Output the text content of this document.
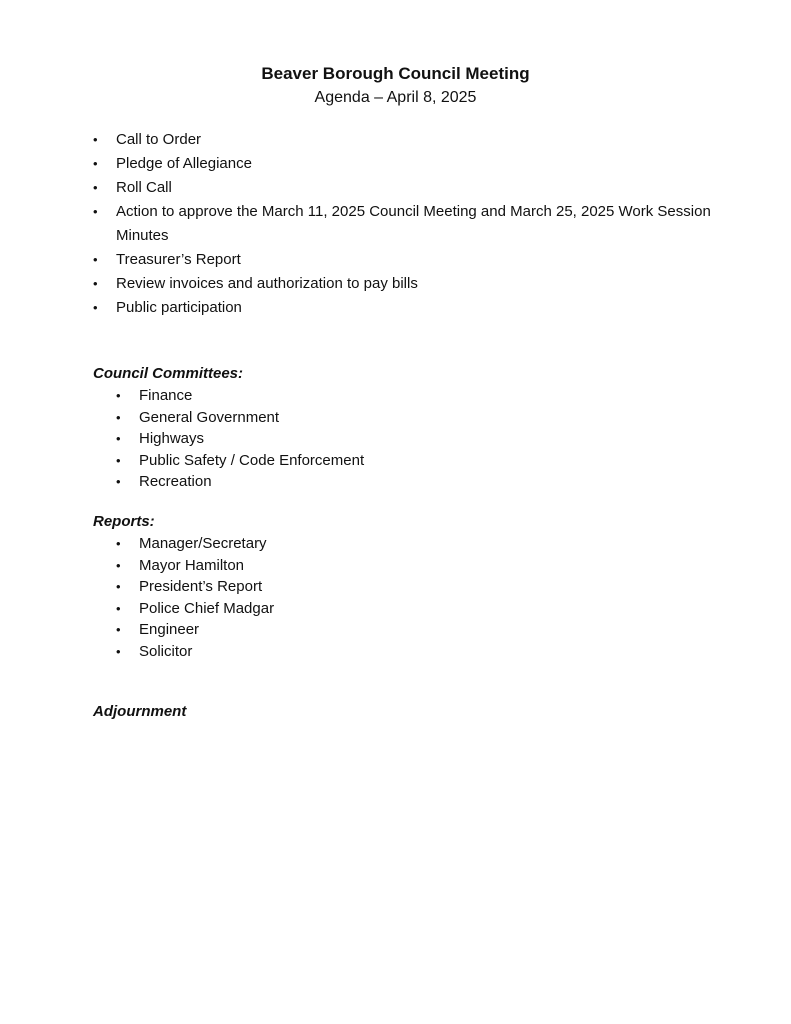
Beaver Borough Council Meeting
Agenda – April 8, 2025
•	Call to Order
•	Pledge of Allegiance
•	Roll Call
•	Action to approve the March 11, 2025 Council Meeting and March 25, 2025 Work Session Minutes
•	Treasurer’s Report
•	Review invoices and authorization to pay bills
•	Public participation
Council Committees:
•	Finance
•	General Government
•	Highways
•	Public Safety / Code Enforcement
•	Recreation
Reports:
•	Manager/Secretary
•	Mayor Hamilton
•	President’s Report
•	Police Chief Madgar
•	Engineer
•	Solicitor
Adjournment
